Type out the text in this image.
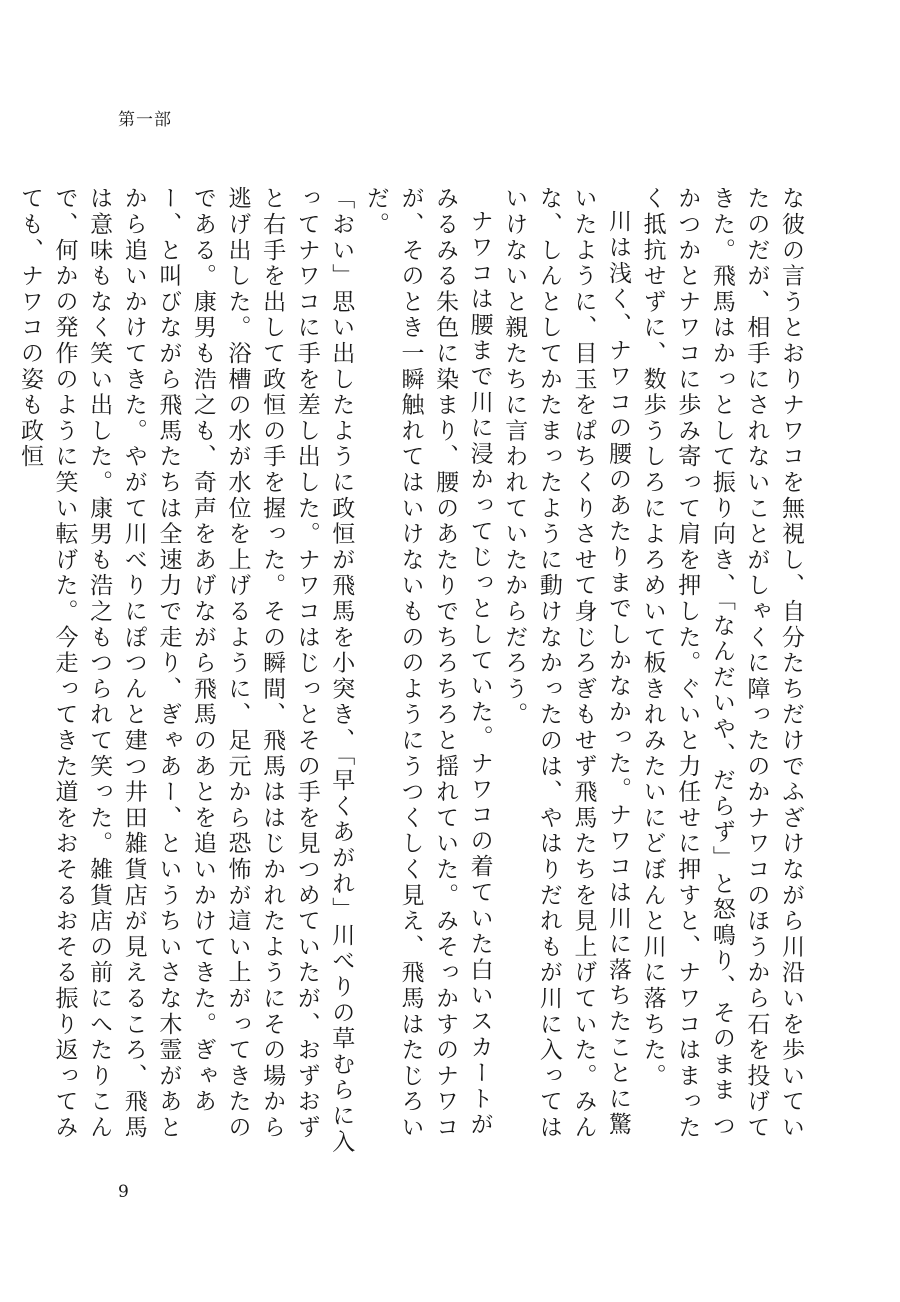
第一部

な彼の言うとおりナワコを無視し、自分たちだけでふざけながら川沿いを歩いていたのだが、相手にされないことがしゃくに障ったのかナワコのほうから石を投げてきた。飛馬はかっとして振り向き、「なんだいや、だらず」と怒鳴り、そのまま つかつかとナワコに歩み寄って肩を押した。ぐいと力任せに押すと、ナワコはまったく抵抗せずに、数歩うしろによろめいて板きれみたいにどぼんと川に落ちた。

川は浅く、ナワコの腰のあたりまでしかなかった。ナワコは川に落ちたことに驚いたように、目玉をぱちくりさせて身じろぎもせず飛馬たちを見上げていた。みんな、しんとしてかたまったように動けなかったのは、やはりだれもが川に入ってはいけないと親たちに言われていたからだろう。

ナワコは腰まで川に浸かってじっとしていた。ナワコの着ていた白いスカートがみるみる朱色に染まり、腰のあたりでちろちろと揺れていた。みそっかすのナワコが、そのとき一瞬触れてはいけないもののようにうつくしく見え、飛馬はたじろいだ。

「おい」思い出したように政恒が飛馬を小突き、「早くあがれ」川べりの草むらに入ってナワコに手を差し出した。ナワコはじっとその手を見つめていたが、おずおずと右手を出して政恒の手を握った。その瞬間、飛馬ははじかれたようにその場から逃げ出した。浴槽の水が水位を上げるように、足元から恐怖が這い上がってきたのである。康男も浩之も、奇声をあげながら飛馬のあとを追いかけてきた。ぎゃあー、と叫びながら飛馬たちは全速力で走り、ぎゃあー、というちいさな木霊があとから追いかけてきた。やがて川べりにぽつんと建つ井田雑貨店が見えるころ、飛馬は意味もなく笑い出した。康男も浩之もつられて笑った。雑貨店の前にへたりこんで、何かの発作のように笑い転げた。今走ってきた道をおそるおそる振り返ってみても、ナワコの姿も政恒

9
